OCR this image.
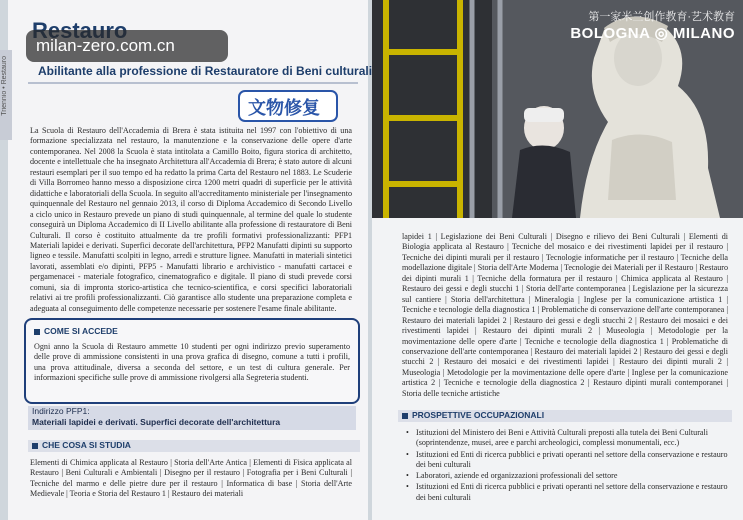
Triennio • Restauro
milan-zero.com.cn
Abilitante alla professione di Restauratore di Beni culturali
文物修复
La Scuola di Restauro dell'Accademia di Brera è stata istituita nel 1997 con l'obiettivo di una formazione specializzata nel restauro, la manutenzione e la conservazione delle opere d'arte contemporanea. Nel 2008 la Scuola è stata intitolata a Camillo Boito, figura storica di architetto, docente e intellettuale che ha insegnato Architettura all'Accademia di Brera; è stato autore di alcuni restauri esemplari per il suo tempo ed ha redatto la prima Carta del Restauro nel 1883. Le Scuderie di Villa Borromeo hanno messo a disposizione circa 1200 metri quadri di superficie per le attività didattiche e laboratoriali della Scuola. In seguito all'accreditamento ministeriale per l'insegnamento quinquennale del Restauro nel gennaio 2013, il corso di Diploma Accademico di Secondo Livello a ciclo unico in Restauro prevede un piano di studi quinquennale, al termine del quale lo studente conseguirà un Diploma Accademico di II Livello abilitante alla professione di restauratore di Beni Culturali. Il corso è costituito attualmente da tre profili formativi professionalizzanti: PFP1 Materiali lapidei e derivati. Superfici decorate dell'architettura, PFP2 Manufatti dipinti su supporto ligneo e tessile. Manufatti scolpiti in legno, arredi e strutture lignee. Manufatti in materiali sintetici lavorati, assemblati e/o dipinti, PFP5 - Manufatti librario e archivistico - manufatti cartacei e pergamenacei - materiale fotografico, cinematografico e digitale. Il piano di studi prevede corsi comuni, sia di impronta storico-artistica che tecnico-scientifica, e corsi specifici laboratoriali relativi ai tre profili professionalizzanti. Ciò garantisce allo studente una preparazione completa e adeguata al conseguimento delle competenze necessarie per sostenere l'esame finale abilitante.
COME SI ACCEDE
Ogni anno la Scuola di Restauro ammette 10 studenti per ogni indirizzo previo superamento delle prove di ammissione consistenti in una prova grafica di disegno, comune a tutti i profili, una prova attitudinale, diversa a seconda del settore, e un test di cultura generale. Per informazioni specifiche sulle prove di ammissione rivolgersi alla Segreteria studenti.
Indirizzo PFP1:
Materiali lapidei e derivati. Superfici decorate dell'architettura
CHE COSA SI STUDIA
Elementi di Chimica applicata al Restauro | Storia dell'Arte Antica | Elementi di Fisica applicata al Restauro | Beni Culturali e Ambientali | Disegno per il restauro | Fotografia per i Beni Culturali | Tecniche del marmo e delle pietre dure per il restauro | Informatica di base | Storia dell'Arte Medievale | Teoria e Storia del Restauro 1 | Restauro dei materiali
第一家米兰创作教育·艺术教育
BOLOGNA ◎ MILANO
lapidei 1 | Legislazione dei Beni Culturali | Disegno e rilievo dei Beni Culturali | Elementi di Biologia applicata al Restauro | Tecniche del mosaico e dei rivestimenti lapidei per il restauro | Tecniche dei dipinti murali per il restauro | Tecnologie informatiche per il restauro | Tecniche della modellazione digitale | Storia dell'Arte Moderna | Tecnologie dei Materiali per il Restauro | Restauro dei dipinti murali 1 | Tecniche della formatura per il restauro | Chimica applicata al Restauro | Restauro dei gessi e degli stucchi 1 | Storia dell'arte contemporanea | Legislazione per la sicurezza sul cantiere | Storia dell'architettura | Mineralogia | Inglese per la comunicazione artistica 1 | Tecniche e tecnologie della diagnostica 1 | Problematiche di conservazione dell'arte contemporanea | Restauro dei materiali lapidei 2 | Restauro dei gessi e degli stucchi 2 | Restauro dei mosaici e dei rivestimenti lapidei | Restauro dei dipinti murali 2 | Museologia | Metodologie per la movimentazione delle opere d'arte | Tecniche e tecnologie della diagnostica 1 | Problematiche di conservazione dell'arte contemporanea | Restauro dei materiali lapidei 2 | Restauro dei gessi e degli stucchi 2 | Restauro dei mosaici e dei rivestimenti lapidei | Restauro dei dipinti murali 2 | Museologia | Metodologie per la movimentazione delle opere d'arte | Inglese per la comunicazione artistica 2 | Tecniche e tecnologie della diagnostica 2 | Restauro dipinti murali contemporanei | Storia delle tecniche artistiche
PROSPETTIVE OCCUPAZIONALI
• Istituzioni del Ministero dei Beni e Attività Culturali preposti alla tutela dei Beni Culturali (soprintendenze, musei, aree e parchi archeologici, complessi monumentali, ecc.)
• Istituzioni ed Enti di ricerca pubblici e privati operanti nel settore della conservazione e restauro dei beni culturali
• Laboratori, aziende ed organizzazioni professionali del settore
• Istituzioni ed Enti di ricerca pubblici e privati operanti nel settore della conservazione e restauro dei beni culturali
